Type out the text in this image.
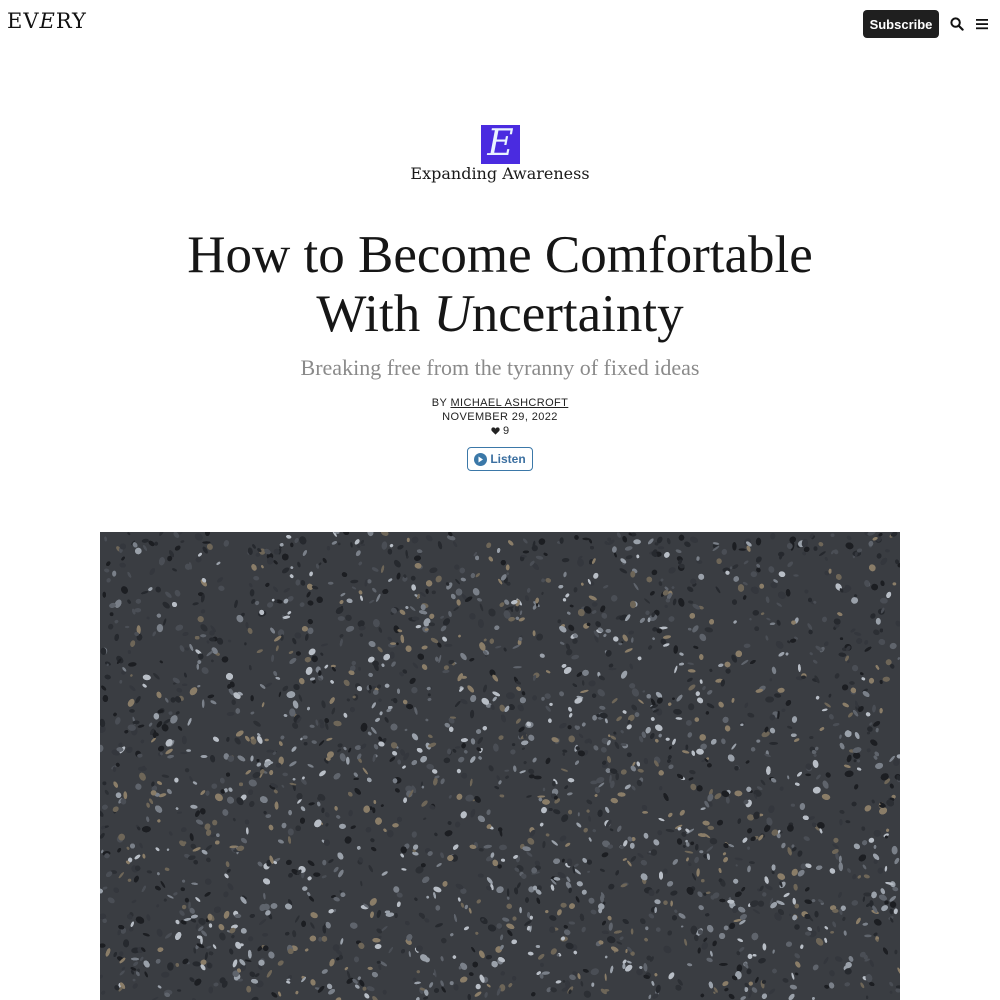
EVERY	Subscribe
E
Expanding Awareness
How to Become Comfortable
With Uncertainty
Breaking free from the tyranny of fixed ideas
BY MICHAEL ASHCROFT
NOVEMBER 29, 2022
9
Listen
